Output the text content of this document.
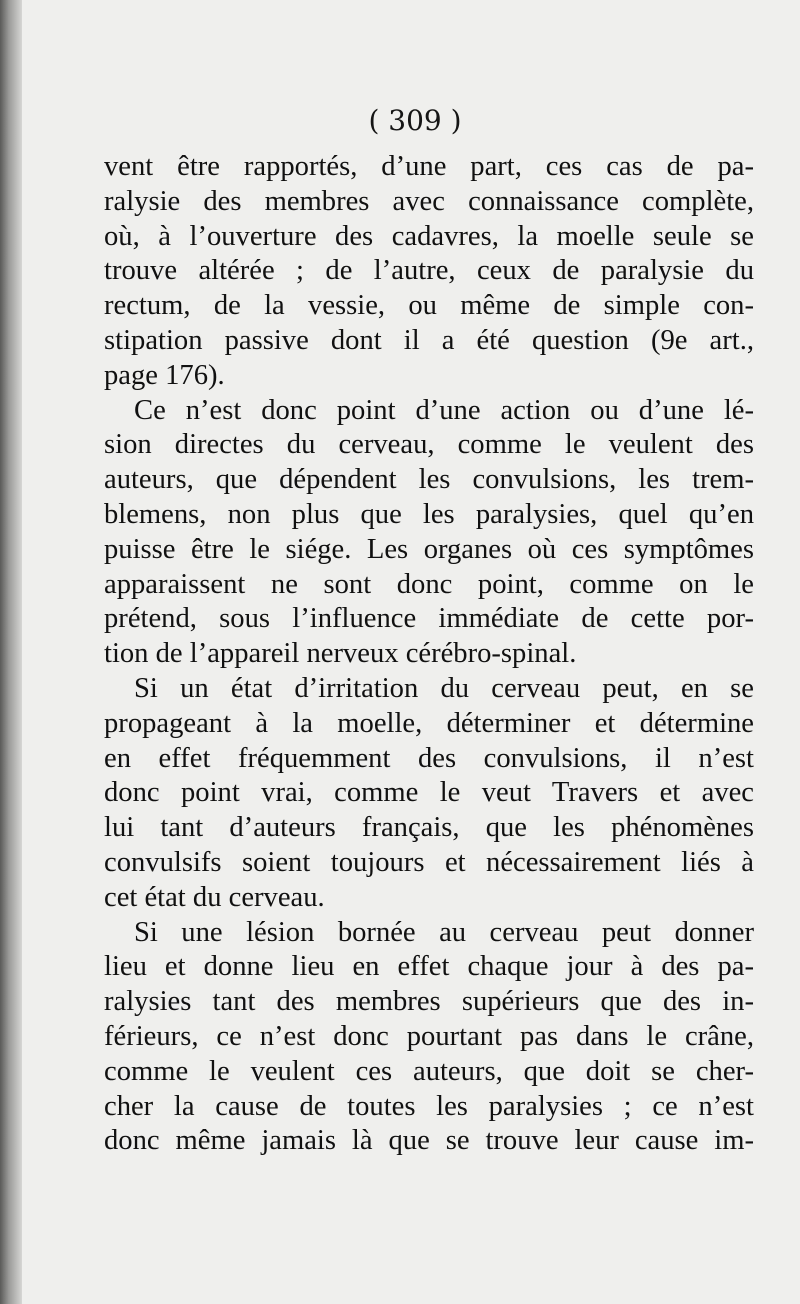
( 309 )
vent être rapportés, d’une part, ces cas de pa-
ralysie des membres avec connaissance complète,
où, à l’ouverture des cadavres, la moelle seule se
trouve altérée ; de l’autre, ceux de paralysie du
rectum, de la vessie, ou même de simple con-
stipation passive dont il a été question (9e art.,
page 176).
Ce n’est donc point d’une action ou d’une lé-
sion directes du cerveau, comme le veulent des
auteurs, que dépendent les convulsions, les trem-
blemens, non plus que les paralysies, quel qu’en
puisse être le siége. Les organes où ces symptômes
apparaissent ne sont donc point, comme on le
prétend, sous l’influence immédiate de cette por-
tion de l’appareil nerveux cérébro-spinal.
Si un état d’irritation du cerveau peut, en se
propageant à la moelle, déterminer et détermine
en effet fréquemment des convulsions, il n’est
donc point vrai, comme le veut Travers et avec
lui tant d’auteurs français, que les phénomènes
convulsifs soient toujours et nécessairement liés à
cet état du cerveau.
Si une lésion bornée au cerveau peut donner
lieu et donne lieu en effet chaque jour à des pa-
ralysies tant des membres supérieurs que des in-
férieurs, ce n’est donc pourtant pas dans le crâne,
comme le veulent ces auteurs, que doit se cher-
cher la cause de toutes les paralysies ; ce n’est
donc même jamais là que se trouve leur cause im-
